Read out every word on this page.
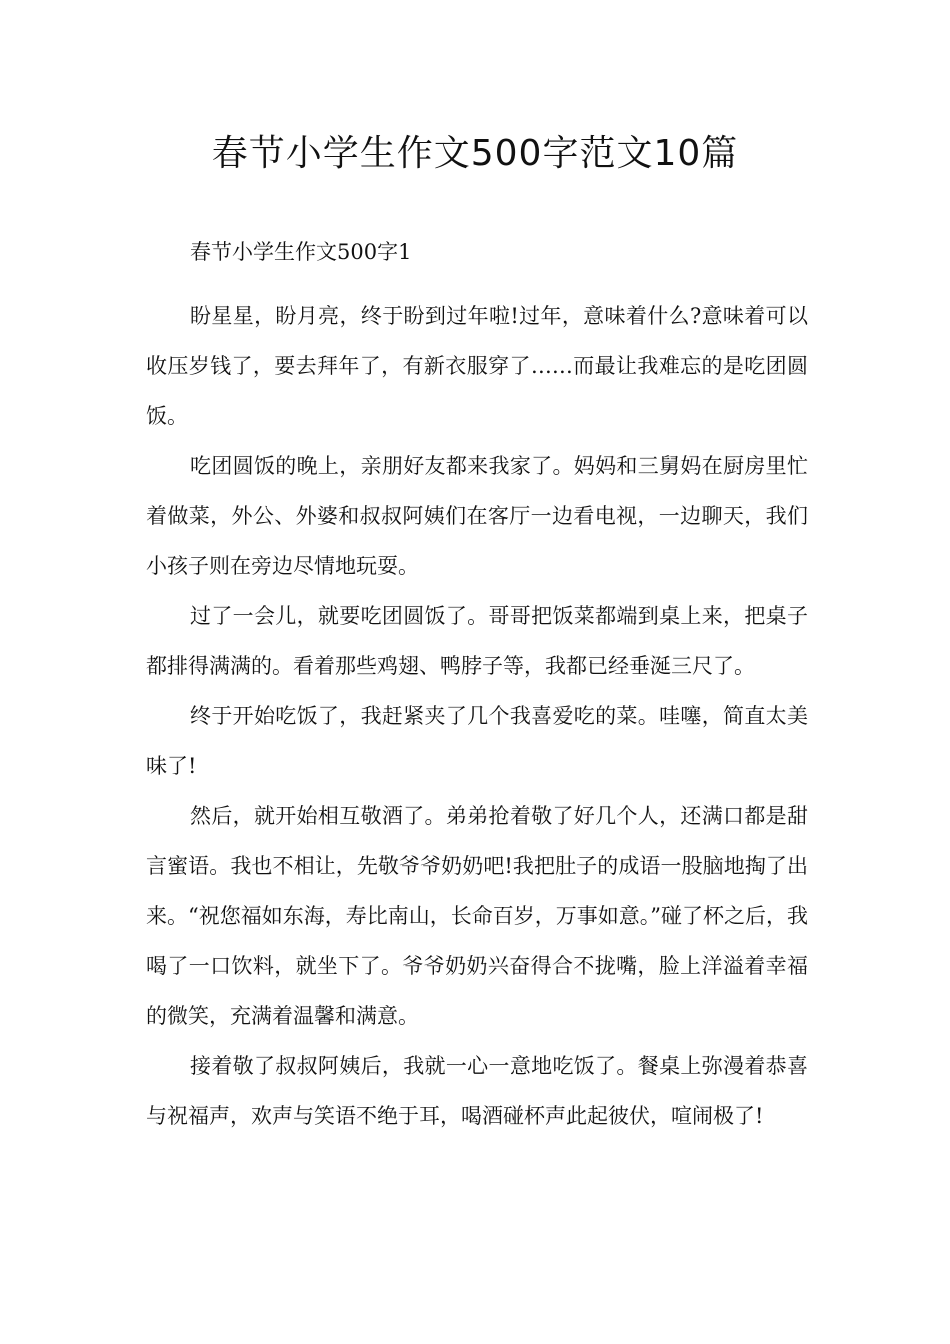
春节小学生作文500字范文10篇

春节小学生作文500字1

盼星星，盼月亮，终于盼到过年啦!过年，意味着什么?意味着可以收压岁钱了，要去拜年了，有新衣服穿了……而最让我难忘的是吃团圆饭。

吃团圆饭的晚上，亲朋好友都来我家了。妈妈和三舅妈在厨房里忙着做菜，外公、外婆和叔叔阿姨们在客厅一边看电视，一边聊天，我们小孩子则在旁边尽情地玩耍。

过了一会儿，就要吃团圆饭了。哥哥把饭菜都端到桌上来，把桌子都排得满满的。看着那些鸡翅、鸭脖子等，我都已经垂涎三尺了。

终于开始吃饭了，我赶紧夹了几个我喜爱吃的菜。哇噻，简直太美味了!

然后，就开始相互敬酒了。弟弟抢着敬了好几个人，还满口都是甜言蜜语。我也不相让，先敬爷爷奶奶吧!我把肚子的成语一股脑地掏了出来。“祝您福如东海，寿比南山，长命百岁，万事如意。”碰了杯之后，我喝了一口饮料，就坐下了。爷爷奶奶兴奋得合不拢嘴，脸上洋溢着幸福的微笑，充满着温馨和满意。

接着敬了叔叔阿姨后，我就一心一意地吃饭了。餐桌上弥漫着恭喜与祝福声，欢声与笑语不绝于耳，喝酒碰杯声此起彼伏，喧闹极了!
